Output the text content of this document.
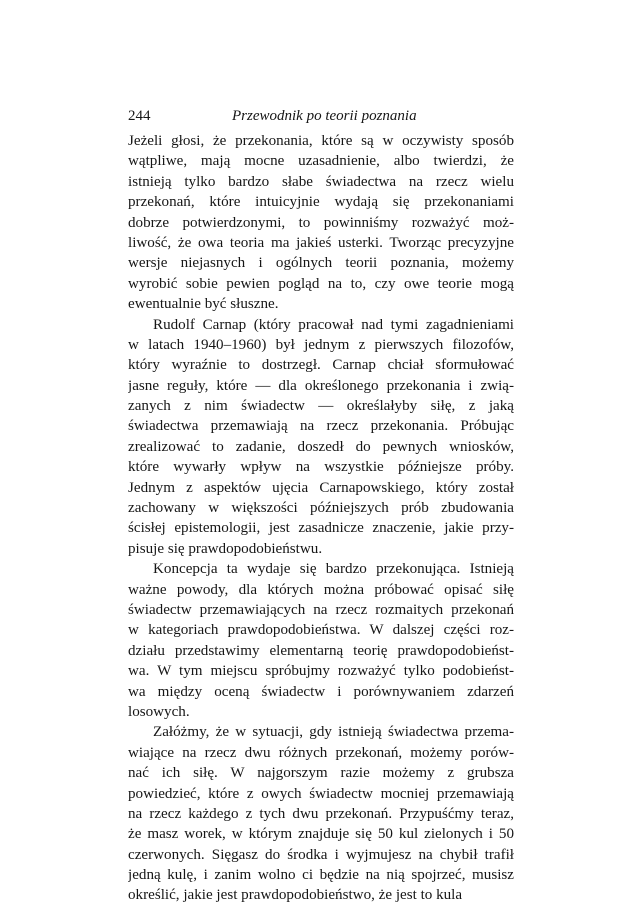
244	Przewodnik po teorii poznania
Jeżeli głosi, że przekonania, które są w oczywisty sposób
wątpliwe, mają mocne uzasadnienie, albo twierdzi, że
istnieją tylko bardzo słabe świadectwa na rzecz wielu
przekonań, które intuicyjnie wydają się przekonaniami
dobrze potwierdzonymi, to powinniśmy rozważyć moż-
liwość, że owa teoria ma jakieś usterki. Tworząc precyzyjne
wersje niejasnych i ogólnych teorii poznania, możemy
wyrobić sobie pewien pogląd na to, czy owe teorie mogą
ewentualnie być słuszne.
Rudolf Carnap (który pracował nad tymi zagadnieniami
w latach 1940–1960) był jednym z pierwszych filozofów,
który wyraźnie to dostrzegł. Carnap chciał sformułować
jasne reguły, które — dla określonego przekonania i zwią-
zanych z nim świadectw — określałyby siłę, z jaką
świadectwa przemawiają na rzecz przekonania. Próbując
zrealizować to zadanie, doszedł do pewnych wniosków,
które wywarły wpływ na wszystkie późniejsze próby.
Jednym z aspektów ujęcia Carnapowskiego, który został
zachowany w większości późniejszych prób zbudowania
ścisłej epistemologii, jest zasadnicze znaczenie, jakie przy-
pisuje się prawdopodobieństwu.
Koncepcja ta wydaje się bardzo przekonująca. Istnieją
ważne powody, dla których można próbować opisać siłę
świadectw przemawiających na rzecz rozmaitych przekonań
w kategoriach prawdopodobieństwa. W dalszej części roz-
działu przedstawimy elementarną teorię prawdopodobieńst-
wa. W tym miejscu spróbujmy rozważyć tylko podobieńst-
wa między oceną świadectw i porównywaniem zdarzeń
losowych.
Załóżmy, że w sytuacji, gdy istnieją świadectwa przema-
wiające na rzecz dwu różnych przekonań, możemy porów-
nać ich siłę. W najgorszym razie możemy z grubsza
powiedzieć, które z owych świadectw mocniej przemawiają
na rzecz każdego z tych dwu przekonań. Przypuśćmy teraz,
że masz worek, w którym znajduje się 50 kul zielonych i 50
czerwonych. Sięgasz do środka i wyjmujesz na chybił trafił
jedną kulę, i zanim wolno ci będzie na nią spojrzeć, musisz
określić, jakie jest prawdopodobieństwo, że jest to kula
